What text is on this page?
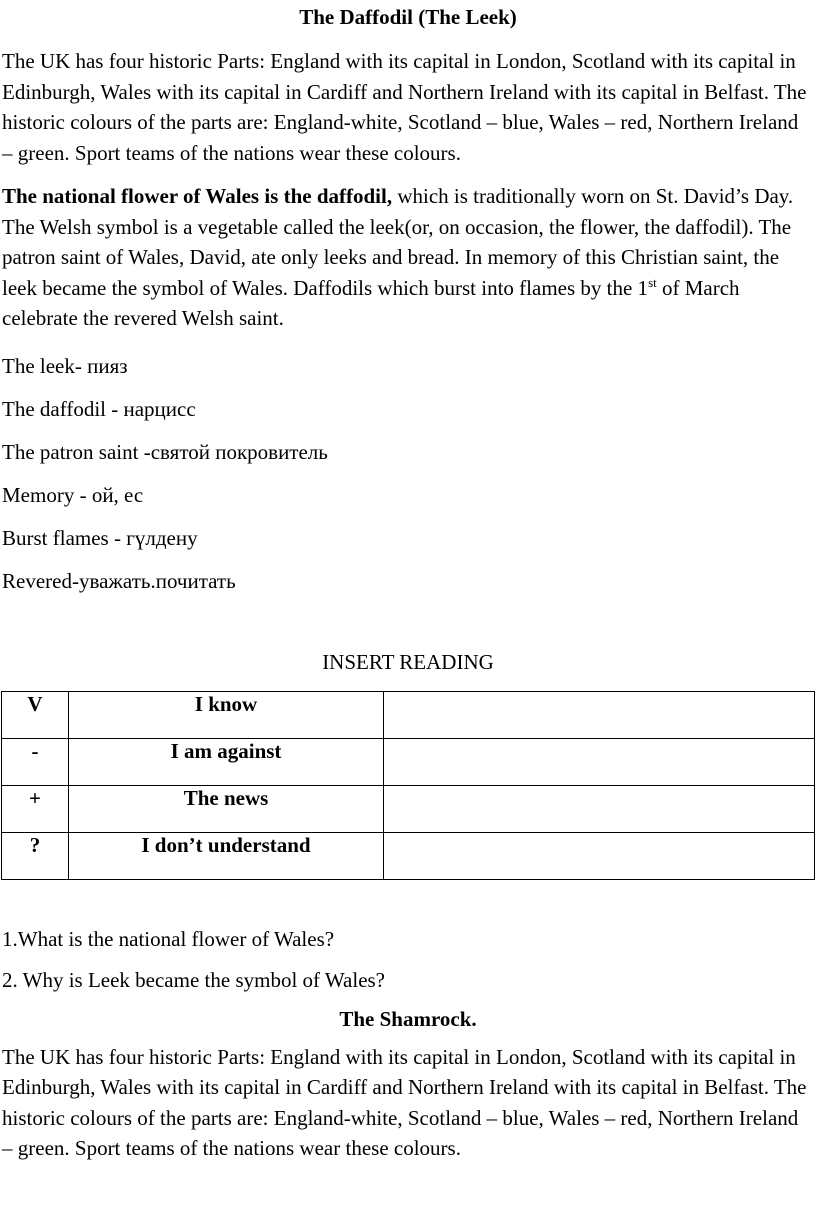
The Daffodil (The Leek)

The UK has four historic Parts: England with its capital in London, Scotland with its capital in Edinburgh, Wales with its capital in Cardiff and Northern Ireland with its capital in Belfast. The historic colours of the parts are: England-white, Scotland – blue, Wales – red, Northern Ireland – green. Sport teams of the nations wear these colours.

The national flower of Wales is the daffodil, which is traditionally worn on St. David’s Day. The Welsh symbol is a vegetable called the leek(or, on occasion, the flower, the daffodil). The patron saint of Wales, David, ate only leeks and bread. In memory of this Christian saint, the leek became the symbol of Wales. Daffodils which burst into flames by the 1st of March celebrate the revered Welsh saint.

The leek- пияз

The daffodil - нарцисс

The patron saint -святой покровитель

Memory - ой, ес

Burst flames - гүлдену

Revered-уважать.почитать

INSERT READING
V	I know	
-	I am against	
+	The news	
?	I don’t understand	

1.What is the national flower of Wales?

2. Why is Leek became the symbol of Wales?

The Shamrock.

The UK has four historic Parts: England with its capital in London, Scotland with its capital in Edinburgh, Wales with its capital in Cardiff and Northern Ireland with its capital in Belfast. The historic colours of the parts are: England-white, Scotland – blue, Wales – red, Northern Ireland – green. Sport teams of the nations wear these colours.
